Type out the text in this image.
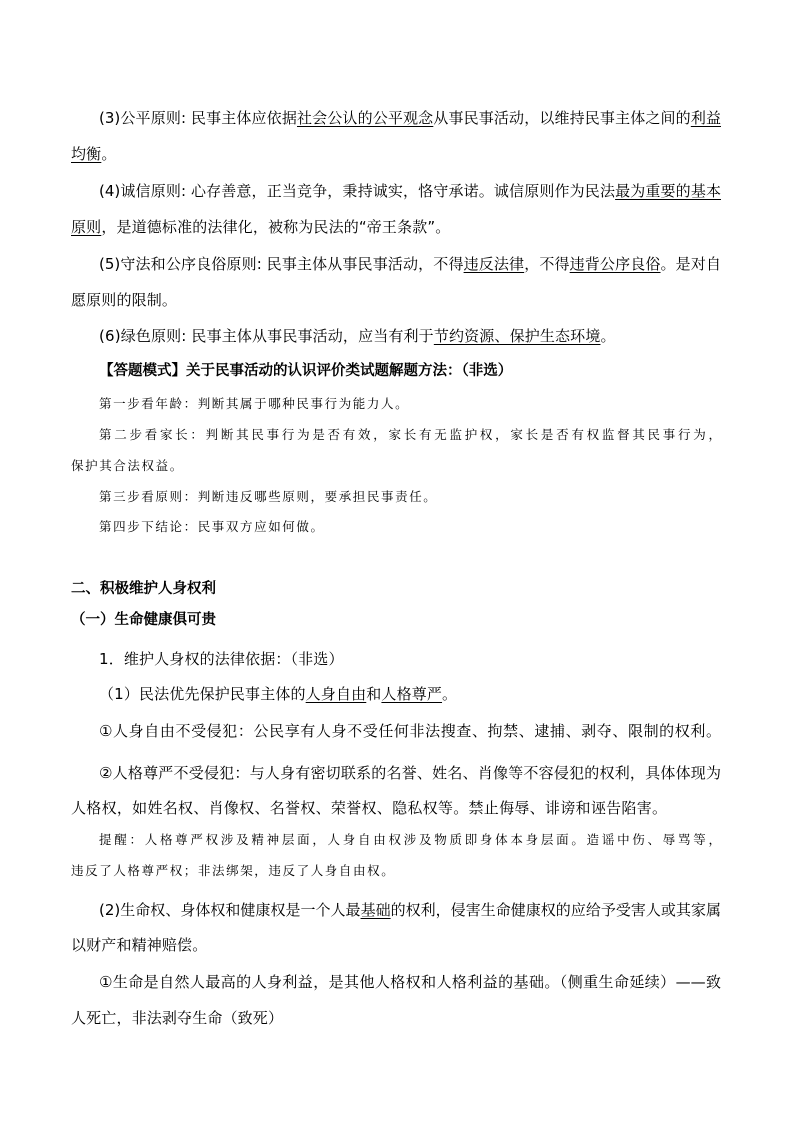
(3)公平原则: 民事主体应依据社会公认的公平观念从事民事活动，以维持民事主体之间的利益
均衡。
(4)诚信原则: 心存善意，正当竞争，秉持诚实，恪守承诺。诚信原则作为民法最为重要的基本
原则，是道德标准的法律化，被称为民法的“帝王条款”。
(5)守法和公序良俗原则: 民事主体从事民事活动，不得违反法律，不得违背公序良俗。是对自
愿原则的限制。
(6)绿色原则: 民事主体从事民事活动，应当有利于节约资源、保护生态环境。
【答题模式】关于民事活动的认识评价类试题解题方法：（非选）
第一步看年龄：判断其属于哪种民事行为能力人。
第二步看家长：判断其民事行为是否有效，家长有无监护权，家长是否有权监督其民事行为，
保护其合法权益。
第三步看原则：判断违反哪些原则，要承担民事责任。
第四步下结论：民事双方应如何做。
二、积极维护人身权利
（一）生命健康俱可贵
1．维护人身权的法律依据：（非选）
（1）民法优先保护民事主体的人身自由和人格尊严。
①人身自由不受侵犯：公民享有人身不受任何非法搜查、拘禁、逮捕、剥夺、限制的权利。
②人格尊严不受侵犯：与人身有密切联系的名誉、姓名、肖像等不容侵犯的权利，具体体现为
人格权，如姓名权、肖像权、名誉权、荣誉权、隐私权等。禁止侮辱、诽谤和诬告陷害。
提醒：人格尊严权涉及精神层面，人身自由权涉及物质即身体本身层面。造谣中伤、辱骂等，
违反了人格尊严权；非法绑架，违反了人身自由权。
(2)生命权、身体权和健康权是一个人最基础的权利，侵害生命健康权的应给予受害人或其家属
以财产和精神赔偿。
①生命是自然人最高的人身利益，是其他人格权和人格利益的基础。（侧重生命延续）——致
人死亡，非法剥夺生命（致死）
